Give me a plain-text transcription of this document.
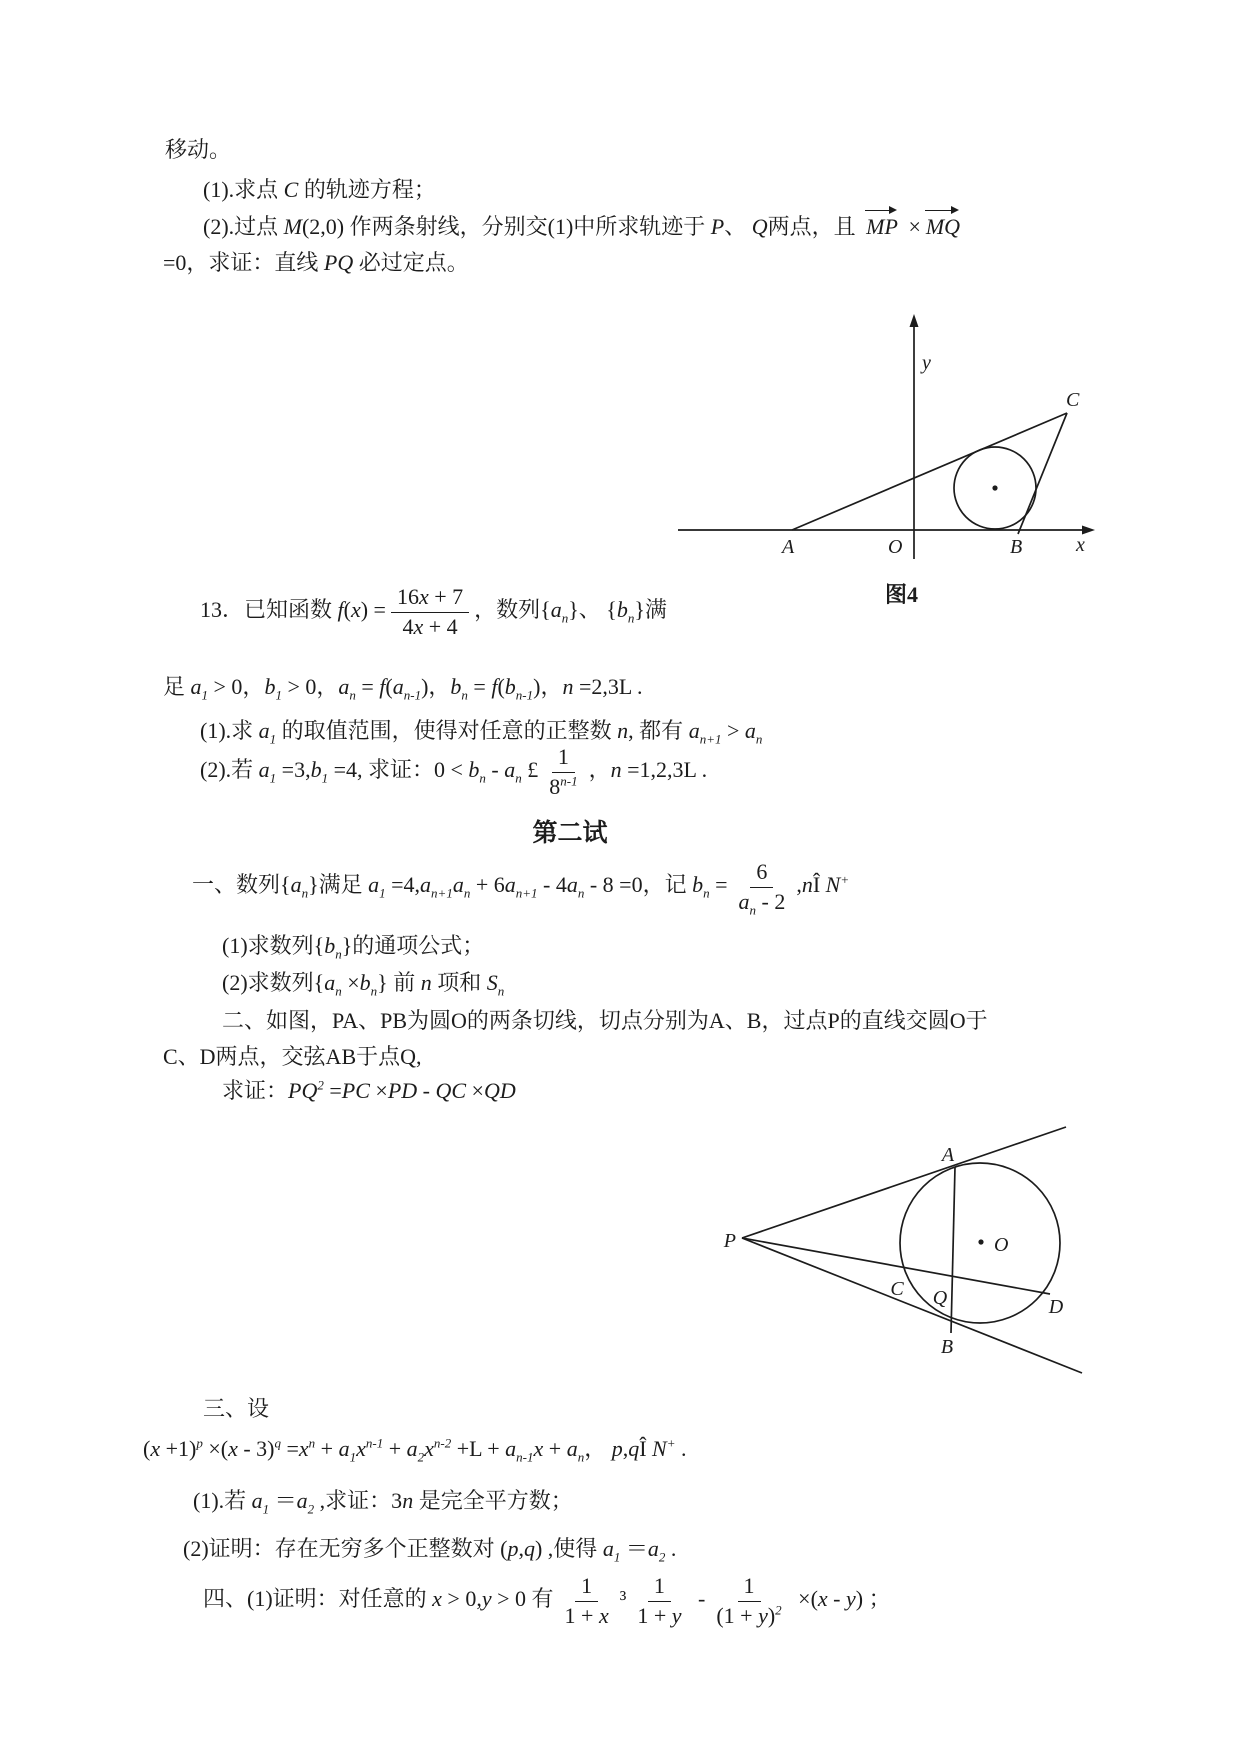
移动。
(1).求点 C 的轨迹方程；
(2).过点 M(2,0) 作两条射线，分别交(1)中所求轨迹于 P、 Q两点，且 MP × MQ
=0，求证：直线 PQ 必过定点。
13．已知函数 $f(x) = \frac{16x + 7}{4x + 4}$ ，数列$\{a_n\}$、 $\{b_n\}$满
足 $a_1 > 0$，$b_1 > 0$，$a_n = f(a_{n-1})$，$b_n = f(b_{n-1})$，n =2,3L .
(1).求 $a_1$ 的取值范围，使得对任意的正整数 n, 都有 $a_{n+1} > a_n$
(2).若 $a_1 =3,b_1 =4$, 求证：$0 < b_n - a_n$ £ $\frac{1}{8^{n-1}}$ ，n =1,2,3L .
第二试
一、数列$\{a_n\}$满足 $a_1 =4,a_{n+1}a_n + 6a_{n+1} - 4a_n - 8 =0$，记 $b_n = \frac{6}{a_n - 2}$ ,nÎ N+
(1)求数列$\{b_n\}$的通项公式；
(2)求数列$\{a_n \times b_n\}$ 前 n 项和 $S_n$
二、如图，PA、PB为圆O的两条切线，切点分别为A、B，过点P的直线交圆O于
C、D两点，交弦AB于点Q,
求证：$PQ^2 =PC \times PD$ - QC ×QD
三、设
$(x +1)^p \times(x - 3)^q =x^n + a_1x^{n-1} + a_2x^{n-2} +L + a_{n-1}x + a_n$， p,qÎ N+ .
(1).若 $a_1 =a_2$ ,求证：3n 是完全平方数；
(2)证明：存在无穷多个正整数对 (p,q) ,使得 $a_1 =a_2$ .
四、(1)证明：对任意的 x > 0,y > 0 有 $\frac{1}{1 + x} ^3 \frac{1}{1 + y} - \frac{1}{(1 + y)^2} \times(x - y)$ ；
y
x
O
A	B
C
图4
P
A
O
C Q
B
D
